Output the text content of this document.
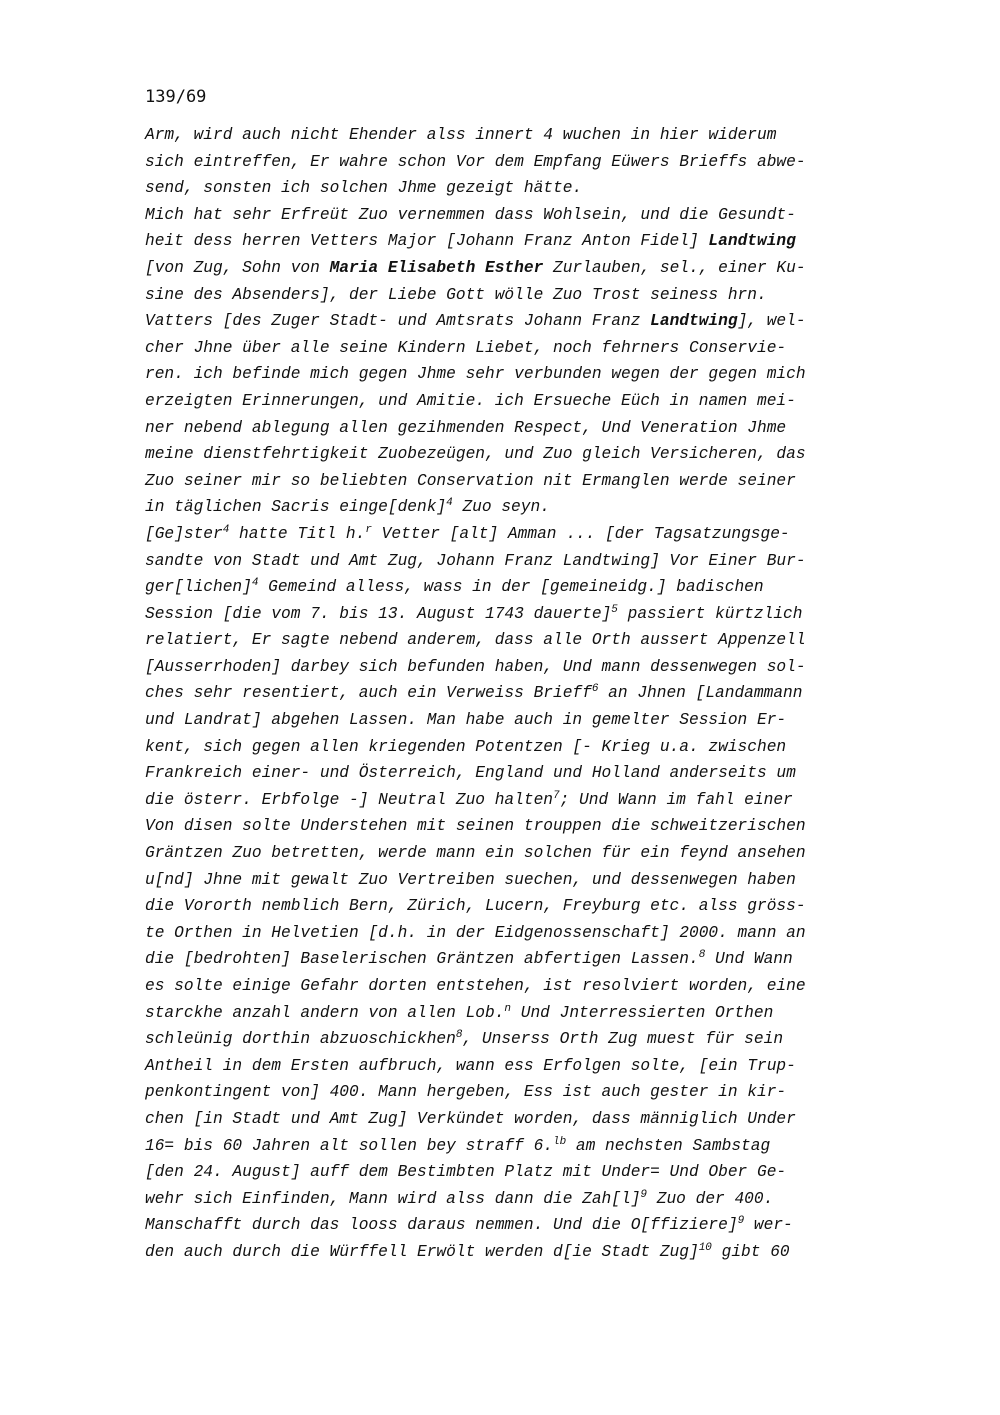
139/69
Arm, wird auch nicht Ehender alss innert 4 wuchen in hier widerum
sich eintreffen, Er wahre schon Vor dem Empfang Eüwers Brieffs abwe-
send, sonsten ich solchen Jhme gezeigt hätte.
Mich hat sehr Erfreüt Zuo vernemmen dass Wohlsein, und die Gesundt-
heit dess herren Vetters Major [Johann Franz Anton Fidel] Landtwing
[von Zug, Sohn von Maria Elisabeth Esther Zurlauben, sel., einer Ku-
sine des Absenders], der Liebe Gott wölle Zuo Trost seiness hrn.
Vatters [des Zuger Stadt- und Amtsrats Johann Franz Landtwing], wel-
cher Jhne über alle seine Kindern Liebet, noch fehrners Conservie-
ren. ich befinde mich gegen Jhme sehr verbunden wegen der gegen mich
erzeigten Erinnerungen, und Amitie. ich Ersueche Eüch in namen mei-
ner nebend ablegung allen gezihmenden Respect, Und Veneration Jhme
meine dienstfehrtigkeit Zuobezeügen, und Zuo gleich Versicheren, das
Zuo seiner mir so beliebten Conservation nit Ermanglen werde seiner
in täglichen Sacris einge[denk]$^4$ Zuo seyn.
[Ge]ster$^4$ hatte Titl h.$^r$ Vetter [alt] Amman ... [der Tagsatzungsge-
sandte von Stadt und Amt Zug, Johann Franz Landtwing] Vor Einer Bur-
ger[lichen]$^4$ Gemeind alless, wass in der [gemeineidg.] badischen
Session [die vom 7. bis 13. August 1743 dauerte]$^5$ passiert kürtzlich
relatiert, Er sagte nebend anderem, dass alle Orth aussert Appenzell
[Ausserrhoden] darbey sich befunden haben, Und mann dessenwegen sol-
ches sehr resentiert, auch ein Verweiss Brieff$^6$ an Jhnen [Landammann
und Landrat] abgehen Lassen. Man habe auch in gemelter Session Er-
kent, sich gegen allen kriegenden Potentzen [- Krieg u.a. zwischen
Frankreich einer- und Österreich, England und Holland anderseits um
die österr. Erbfolge -] Neutral Zuo halten$^7$; Und Wann im fahl einer
Von disen solte Understehen mit seinen trouppen die schweitzerischen
Gräntzen Zuo betretten, werde mann ein solchen für ein feynd ansehen
u[nd] Jhne mit gewalt Zuo Vertreiben suechen, und dessenwegen haben
die Vororth nemblich Bern, Zürich, Lucern, Freyburg etc. alss gröss-
te Orthen in Helvetien [d.h. in der Eidgenossenschaft] 2000. mann an
die [bedrohten] Baselerischen Gräntzen abfertigen Lassen.$^8$ Und Wann
es solte einige Gefahr dorten entstehen, ist resolviert worden, eine
starckhe anzahl andern von allen Lob.$^n$ Und Jnterressierten Orthen
schleünig dorthin abzuoschickhen$^8$, Unserss Orth Zug muest für sein
Antheil in dem Ersten aufbruch, wann ess Erfolgen solte, [ein Trup-
penkontingent von] 400. Mann hergeben, Ess ist auch gester in kir-
chen [in Stadt und Amt Zug] Verkündet worden, dass männiglich Under
16= bis 60 Jahren alt sollen bey straff 6.$^{lb}$ am nechsten Sambstag
[den 24. August] auff dem Bestimbten Platz mit Under= Und Ober Ge-
wehr sich Einfinden, Mann wird alss dann die $Zah[l]^9$ Zuo der 400.
Manschafft durch das looss daraus nemmen. Und die O[ffiziere]$^9$ wer-
den auch durch die Würffell Erwölt werden d[ie Stadt Zug]$^{10}$ gibt 60
